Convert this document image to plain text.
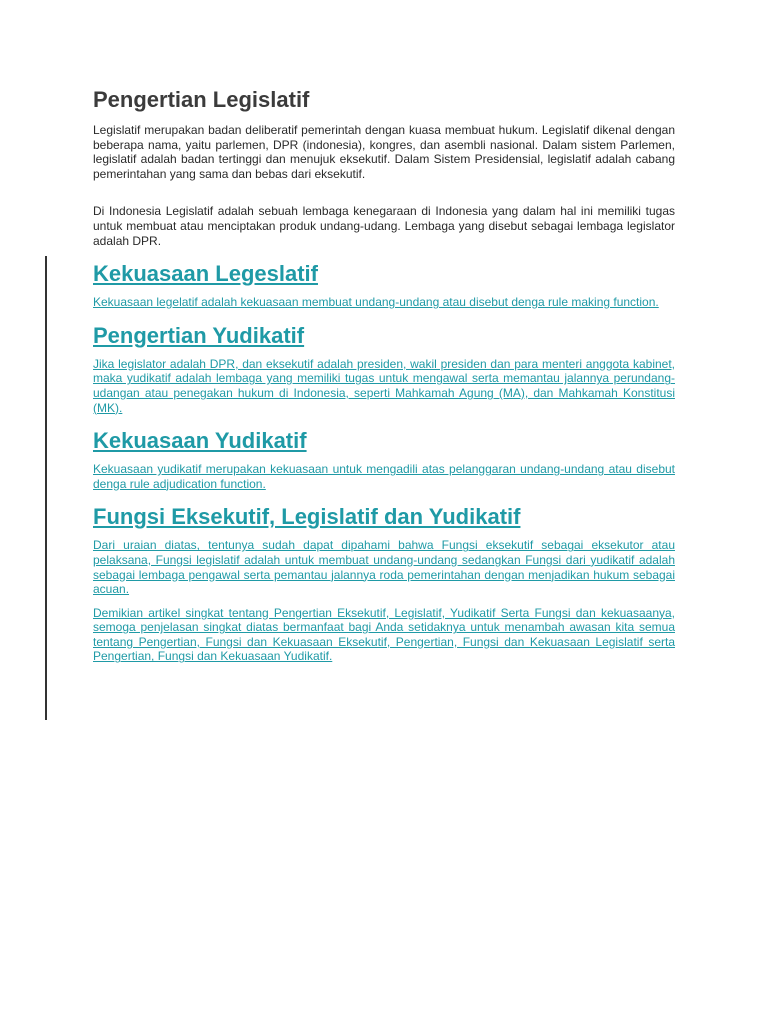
Pengertian Legislatif

Legislatif merupakan badan deliberatif pemerintah dengan kuasa membuat hukum. Legislatif dikenal dengan beberapa nama, yaitu parlemen, DPR (indonesia), kongres, dan asembli nasional. Dalam sistem Parlemen, legislatif adalah badan tertinggi dan menujuk eksekutif. Dalam Sistem Presidensial, legislatif adalah cabang pemerintahan yang sama dan bebas dari eksekutif.

Di Indonesia Legislatif adalah sebuah lembaga kenegaraan di Indonesia yang dalam hal ini memiliki tugas untuk membuat atau menciptakan produk undang-udang. Lembaga yang disebut sebagai lembaga legislator adalah DPR.

Kekuasaan Legeslatif

Kekuasaan legelatif adalah kekuasaan membuat undang-undang atau disebut denga rule making function.

Pengertian Yudikatif

Jika legislator adalah DPR, dan eksekutif adalah presiden, wakil presiden dan para menteri anggota kabinet, maka yudikatif adalah lembaga yang memiliki tugas untuk mengawal serta memantau jalannya perundang-udangan atau penegakan hukum di Indonesia, seperti Mahkamah Agung (MA), dan Mahkamah Konstitusi (MK).

Kekuasaan Yudikatif

Kekuasaan yudikatif merupakan kekuasaan untuk mengadili atas pelanggaran undang-undang atau disebut denga rule adjudication function.

Fungsi Eksekutif, Legislatif dan Yudikatif

Dari uraian diatas, tentunya sudah dapat dipahami bahwa Fungsi eksekutif sebagai eksekutor atau pelaksana, Fungsi legislatif adalah untuk membuat undang-undang sedangkan Fungsi dari yudikatif adalah sebagai lembaga pengawal serta pemantau jalannya roda pemerintahan dengan menjadikan hukum sebagai acuan.

Demikian artikel singkat tentang Pengertian Eksekutif, Legislatif, Yudikatif Serta Fungsi dan kekuasaanya, semoga penjelasan singkat diatas bermanfaat bagi Anda setidaknya untuk menambah awasan kita semua tentang Pengertian, Fungsi dan Kekuasaan Eksekutif, Pengertian, Fungsi dan Kekuasaan Legislatif serta Pengertian, Fungsi dan Kekuasaan Yudikatif.
